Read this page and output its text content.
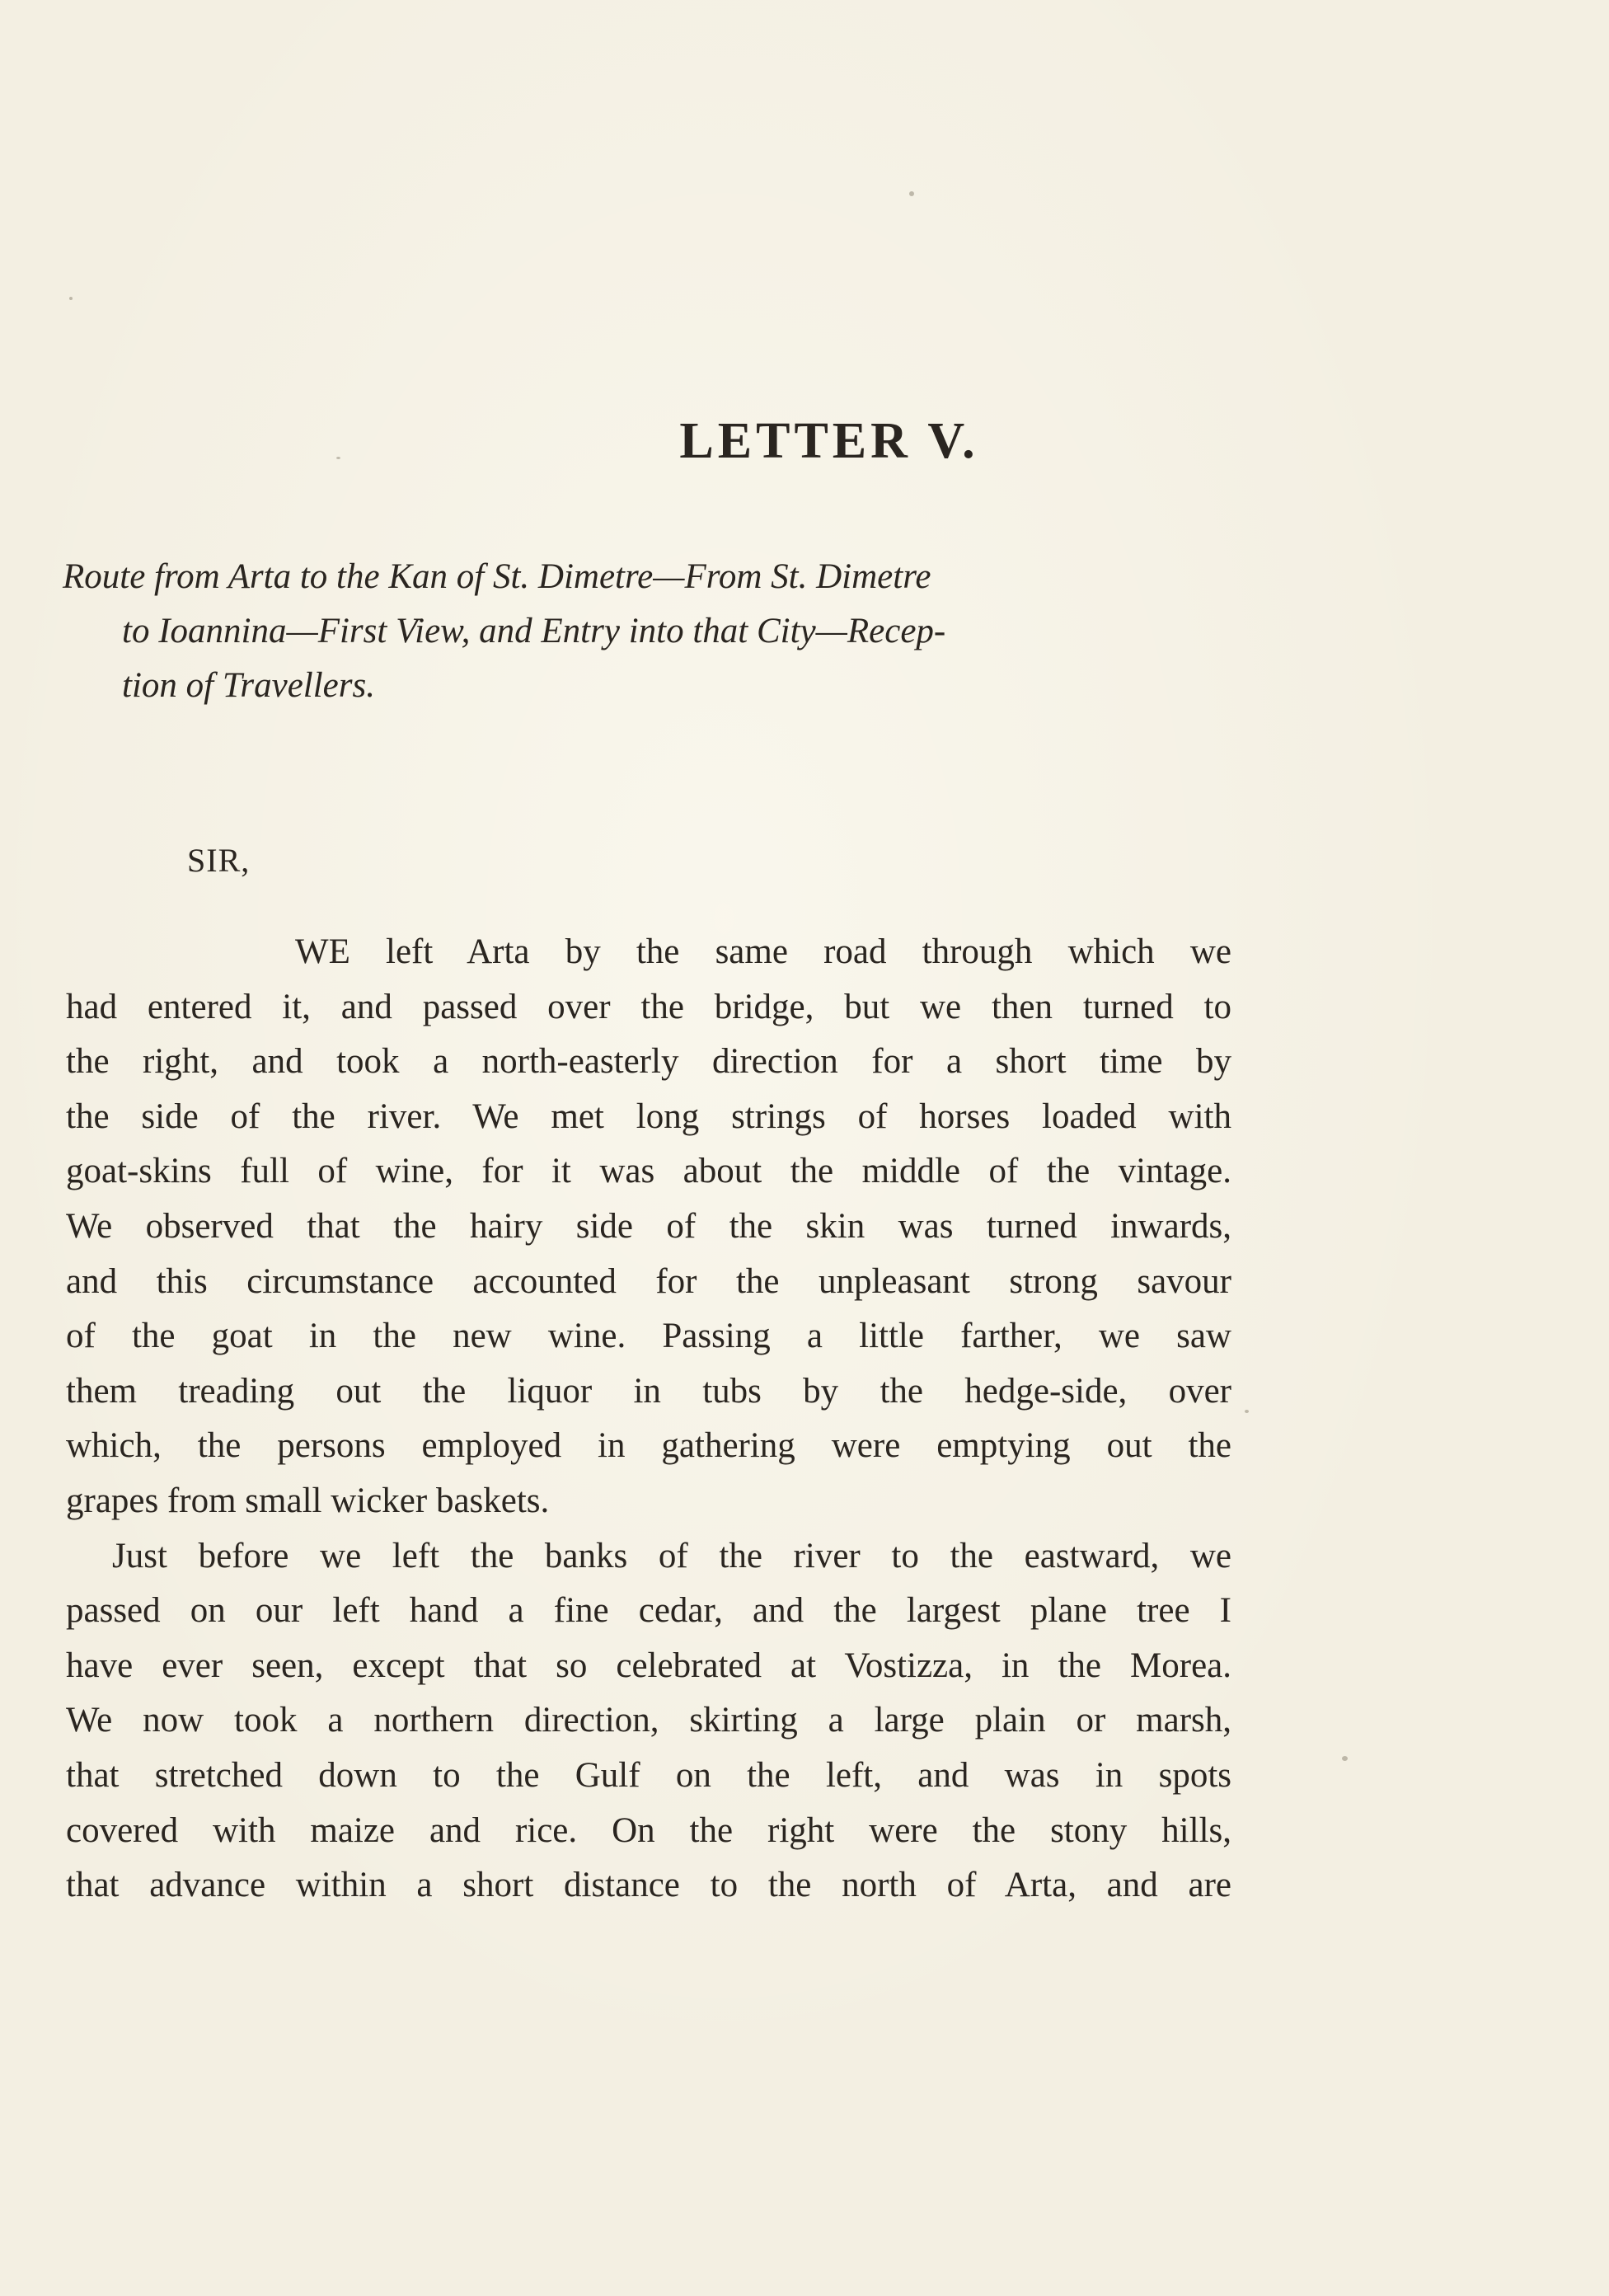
LETTER V.
Route from Arta to the Kan of St. Dimetre—From St. Dimetre
to Ioannina—First View, and Entry into that City—Recep-
tion of Travellers.

SIR,

WE left Arta by the same road through which we
had entered it, and passed over the bridge, but we then turned to
the right, and took a north-easterly direction for a short time by
the side of the river. We met long strings of horses loaded with
goat-skins full of wine, for it was about the middle of the vintage.
We observed that the hairy side of the skin was turned inwards,
and this circumstance accounted for the unpleasant strong savour
of the goat in the new wine. Passing a little farther, we saw
them treading out the liquor in tubs by the hedge-side, over
which, the persons employed in gathering were emptying out the
grapes from small wicker baskets.
Just before we left the banks of the river to the eastward, we
passed on our left hand a fine cedar, and the largest plane tree I
have ever seen, except that so celebrated at Vostizza, in the Morea.
We now took a northern direction, skirting a large plain or marsh,
that stretched down to the Gulf on the left, and was in spots
covered with maize and rice. On the right were the stony hills,
that advance within a short distance to the north of Arta, and are
